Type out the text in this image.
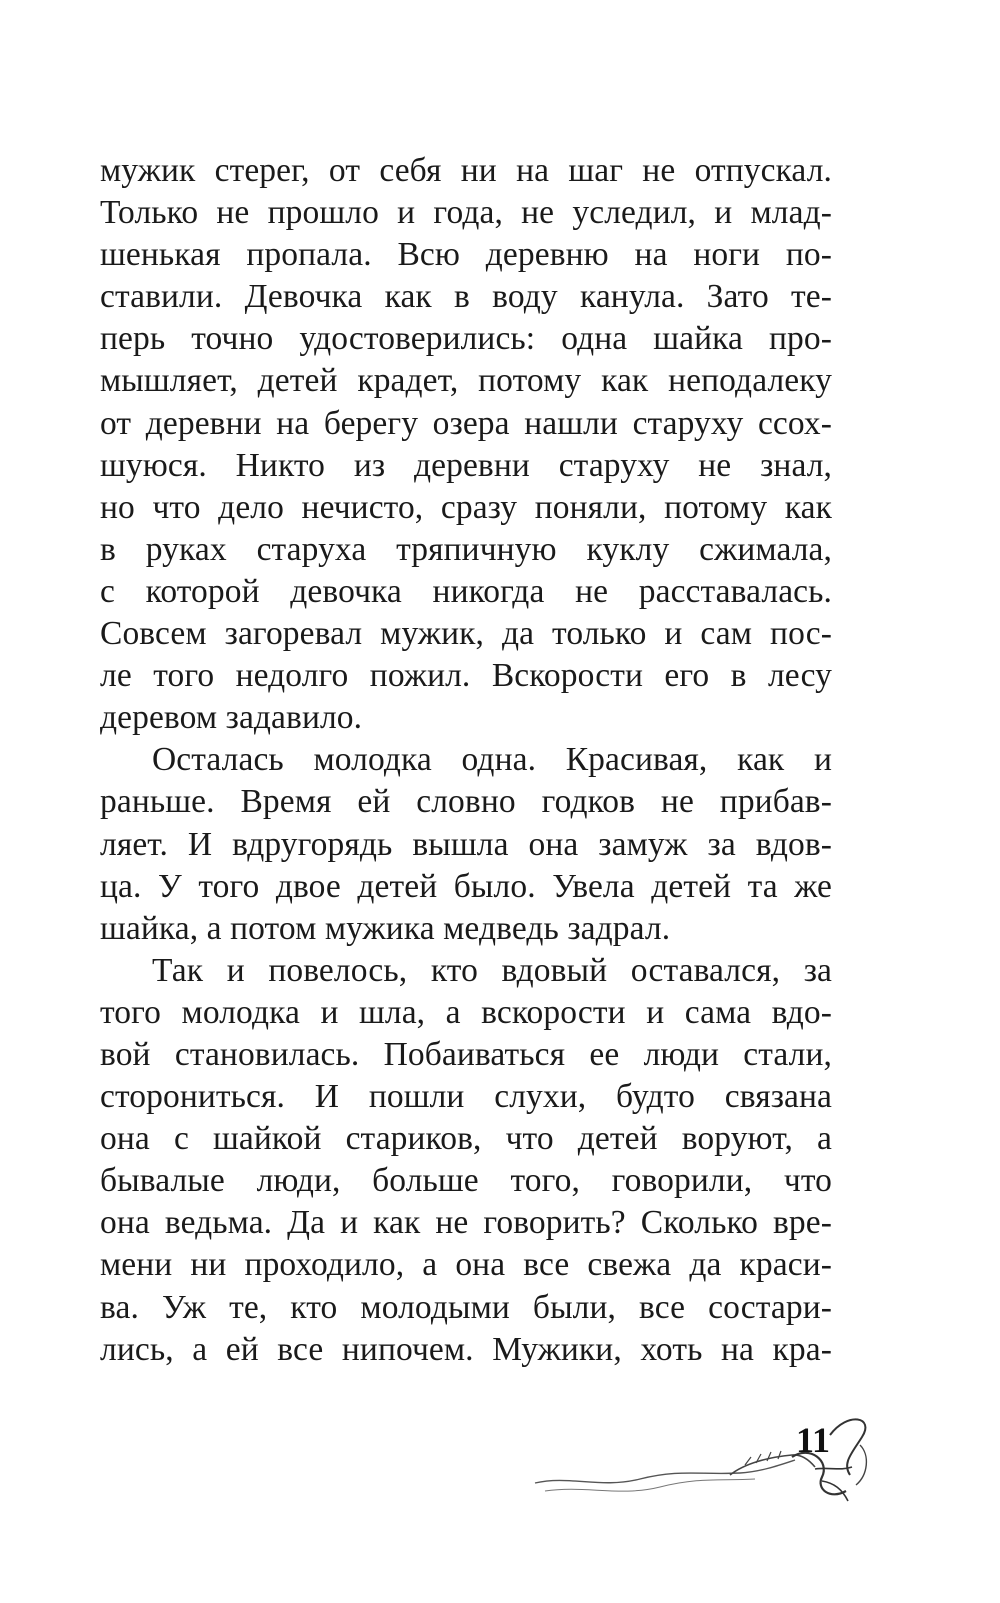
мужик стерег, от себя ни на шаг не отпускал.
Только не прошло и года, не уследил, и млад-
шенькая пропала. Всю деревню на ноги по-
ставили. Девочка как в воду канула. Зато те-
перь точно удостоверились: одна шайка про-
мышляет, детей крадет, потому как неподалеку
от деревни на берегу озера нашли старуху ссох-
шуюся. Никто из деревни старуху не знал,
но что дело нечисто, сразу поняли, потому как
в руках старуха тряпичную куклу сжимала,
с которой девочка никогда не расставалась.
Совсем загоревал мужик, да только и сам пос-
ле того недолго пожил. Вскорости его в лесу
деревом задавило.
Осталась молодка одна. Красивая, как и
раньше. Время ей словно годков не прибав-
ляет. И вдругорядь вышла она замуж за вдов-
ца. У того двое детей было. Увела детей та же
шайка, а потом мужика медведь задрал.
Так и повелось, кто вдовый оставался, за
того молодка и шла, а вскорости и сама вдо-
вой становилась. Побаиваться ее люди стали,
сторониться. И пошли слухи, будто связана
она с шайкой стариков, что детей воруют, а
бывалые люди, больше того, говорили, что
она ведьма. Да и как не говорить? Сколько вре-
мени ни проходило, а она все свежа да краси-
ва. Уж те, кто молодыми были, все состари-
лись, а ей все нипочем. Мужики, хоть на кра-
11
